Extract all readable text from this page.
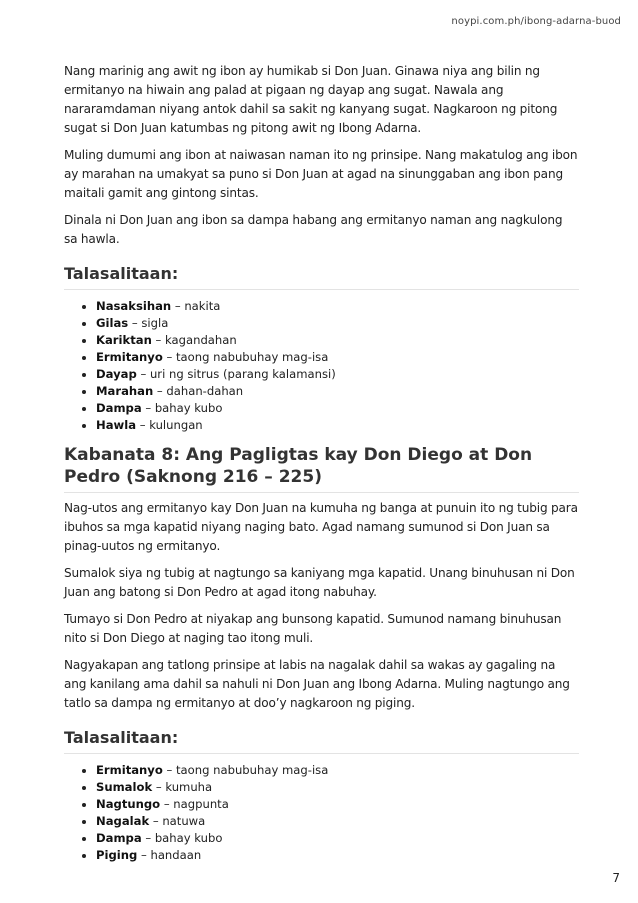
noypi.com.ph/ibong-adarna-buod

Nang marinig ang awit ng ibon ay humikab si Don Juan. Ginawa niya ang bilin ng ermitanyo na hiwain ang palad at pigaan ng dayap ang sugat. Nawala ang nararamdaman niyang antok dahil sa sakit ng kanyang sugat. Nagkaroon ng pitong sugat si Don Juan katumbas ng pitong awit ng Ibong Adarna.

Muling dumumi ang ibon at naiwasan naman ito ng prinsipe. Nang makatulog ang ibon ay marahan na umakyat sa puno si Don Juan at agad na sinunggaban ang ibon pang maitali gamit ang gintong sintas.

Dinala ni Don Juan ang ibon sa dampa habang ang ermitanyo naman ang nagkulong sa hawla.

Talasalitaan:
• Nasaksihan – nakita
• Gilas – sigla
• Kariktan – kagandahan
• Ermitanyo – taong nabubuhay mag-isa
• Dayap – uri ng sitrus (parang kalamansi)
• Marahan – dahan-dahan
• Dampa – bahay kubo
• Hawla – kulungan
Kabanata 8: Ang Pagligtas kay Don Diego at Don Pedro (Saknong 216 – 225)

Nag-utos ang ermitanyo kay Don Juan na kumuha ng banga at punuin ito ng tubig para ibuhos sa mga kapatid niyang naging bato. Agad namang sumunod si Don Juan sa pinag-uutos ng ermitanyo.

Sumalok siya ng tubig at nagtungo sa kaniyang mga kapatid. Unang binuhusan ni Don Juan ang batong si Don Pedro at agad itong nabuhay.

Tumayo si Don Pedro at niyakap ang bunsong kapatid. Sumunod namang binuhusan nito si Don Diego at naging tao itong muli.

Nagyakapan ang tatlong prinsipe at labis na nagalak dahil sa wakas ay gagaling na ang kanilang ama dahil sa nahuli ni Don Juan ang Ibong Adarna. Muling nagtungo ang tatlo sa dampa ng ermitanyo at doo’y nagkaroon ng piging.

Talasalitaan:
• Ermitanyo – taong nabubuhay mag-isa
• Sumalok – kumuha
• Nagtungo – nagpunta
• Nagalak – natuwa
• Dampa – bahay kubo
• Piging – handaan
7
